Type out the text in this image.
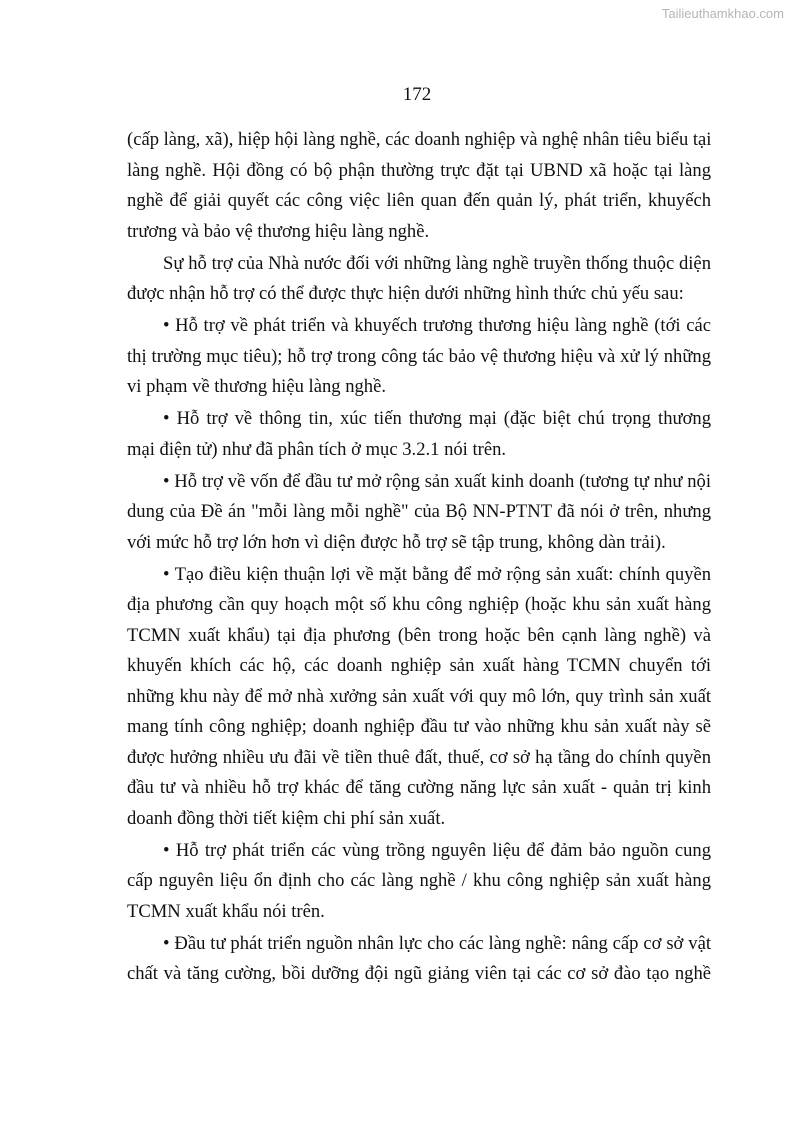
Tailieuthamkhao.com
172
(cấp làng, xã), hiệp hội làng nghề, các doanh nghiệp và nghệ nhân tiêu biểu tại
làng nghề. Hội đồng có bộ phận thường trực đặt tại UBND xã hoặc tại làng
nghề để giải quyết các công việc liên quan đến quản lý, phát triển, khuyếch
trương và bảo vệ thương hiệu làng nghề.
Sự hỗ trợ của Nhà nước đối với những làng nghề truyền thống thuộc diện
được nhận hỗ trợ có thể được thực hiện dưới những hình thức chủ yếu sau:
• Hỗ trợ về phát triển và khuyếch trương thương hiệu làng nghề (tới các
thị trường mục tiêu); hỗ trợ trong công tác bảo vệ thương hiệu và xử lý những
vi phạm về thương hiệu làng nghề.
• Hỗ trợ về thông tin, xúc tiến thương mại (đặc biệt chú trọng thương
mại điện tử) như đã phân tích ở mục 3.2.1 nói trên.
• Hỗ trợ về vốn để đầu tư mở rộng sản xuất kinh doanh (tương tự như nội
dung của Đề án "mỗi làng mỗi nghề" của Bộ NN-PTNT đã nói ở trên, nhưng
với mức hỗ trợ lớn hơn vì diện được hỗ trợ sẽ tập trung, không dàn trải).
• Tạo điều kiện thuận lợi về mặt bằng để mở rộng sản xuất: chính quyền
địa phương cần quy hoạch một số khu công nghiệp (hoặc khu sản xuất hàng
TCMN xuất khẩu) tại địa phương (bên trong hoặc bên cạnh làng nghề) và
khuyến khích các hộ, các doanh nghiệp sản xuất hàng TCMN chuyển tới
những khu này để mở nhà xưởng sản xuất với quy mô lớn, quy trình sản xuất
mang tính công nghiệp; doanh nghiệp đầu tư vào những khu sản xuất này sẽ
được hưởng nhiều ưu đãi về tiền thuê đất, thuế, cơ sở hạ tầng do chính quyền
đầu tư và nhiều hỗ trợ khác để tăng cường năng lực sản xuất - quản trị kinh
doanh đồng thời tiết kiệm chi phí sản xuất.
• Hỗ trợ phát triển các vùng trồng nguyên liệu để đảm bảo nguồn cung
cấp nguyên liệu ổn định cho các làng nghề / khu công nghiệp sản xuất hàng
TCMN xuất khẩu nói trên.
• Đầu tư phát triển nguồn nhân lực cho các làng nghề: nâng cấp cơ sở vật
chất và tăng cường, bồi dưỡng đội ngũ giảng viên tại các cơ sở đào tạo nghề
